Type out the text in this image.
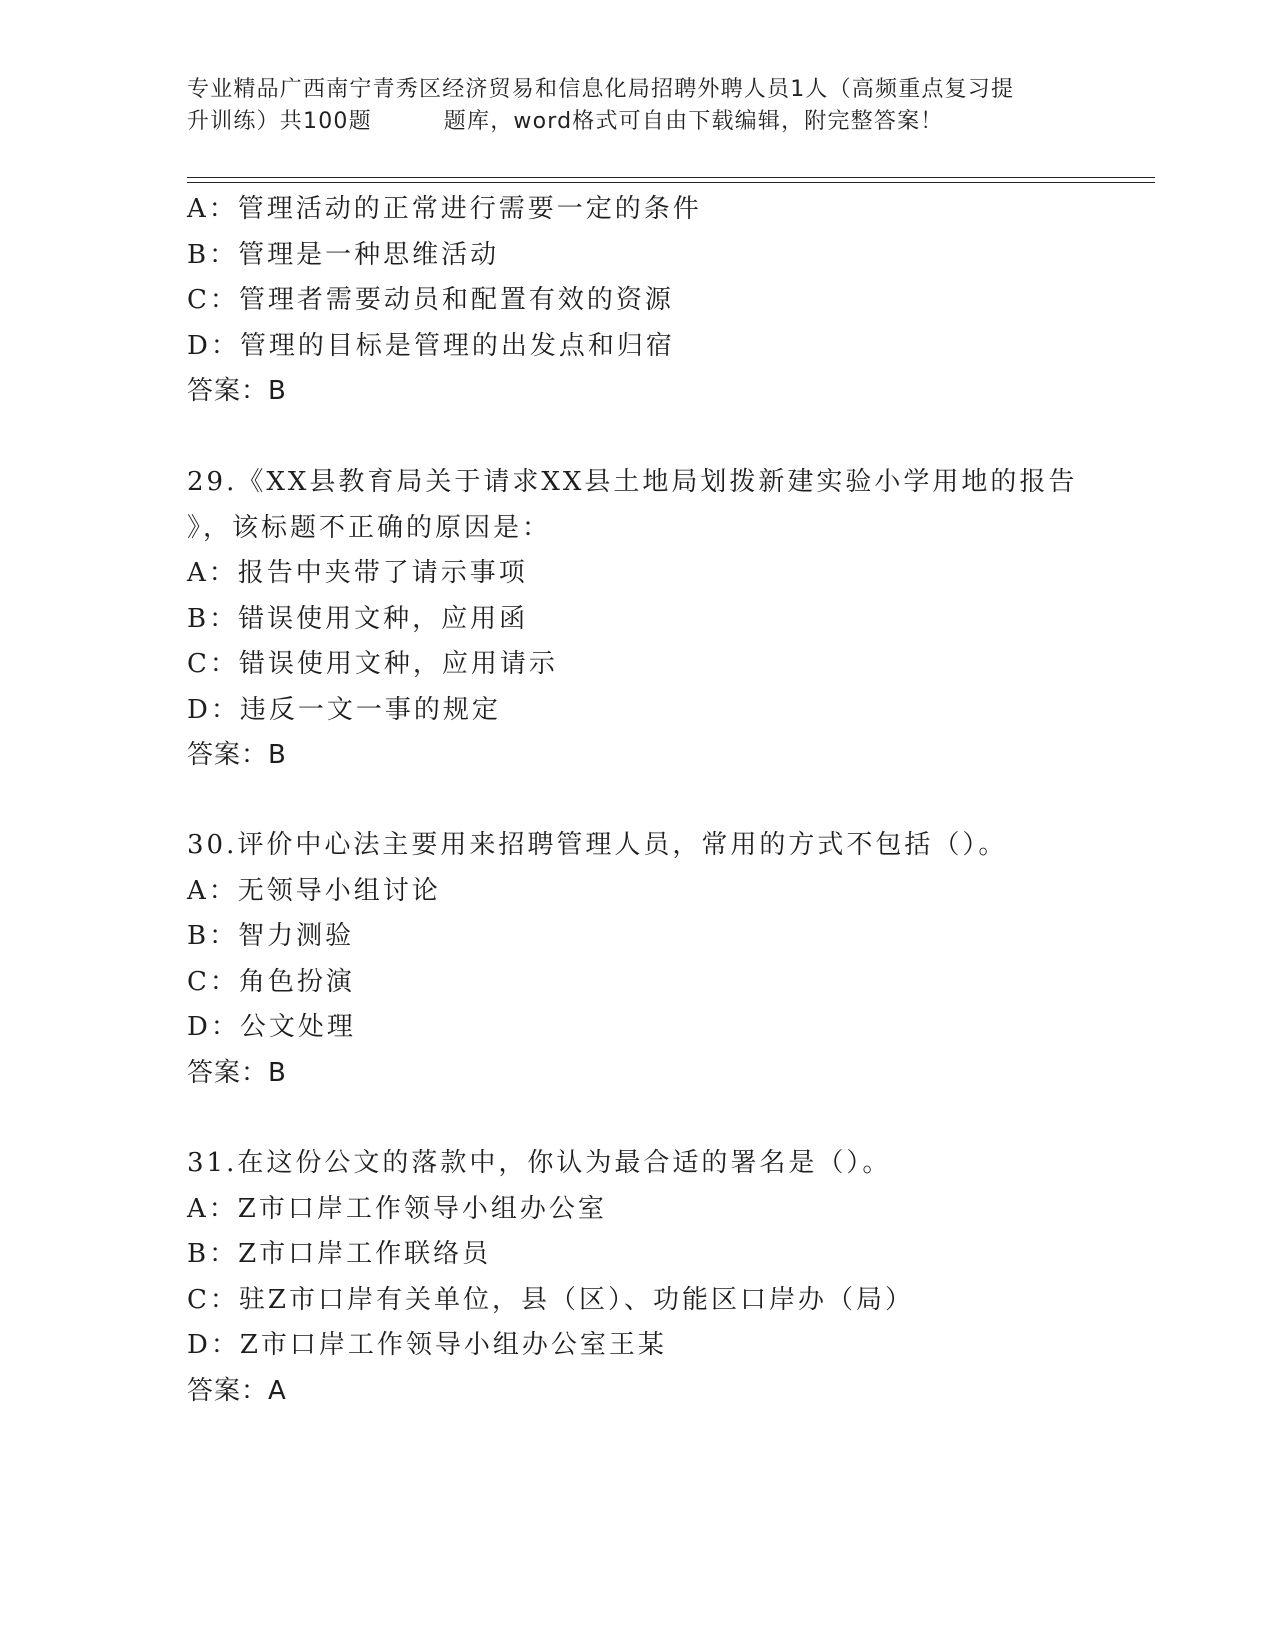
专业精品广西南宁青秀区经济贸易和信息化局招聘外聘人员1人（高频重点复习提
升训练）共100题	题库，word格式可自由下载编辑，附完整答案！
A：管理活动的正常进行需要一定的条件
B：管理是一种思维活动
C：管理者需要动员和配置有效的资源
D：管理的目标是管理的出发点和归宿
答案：B
29.《XX县教育局关于请求XX县土地局划拨新建实验小学用地的报告
》，该标题不正确的原因是：
A：报告中夹带了请示事项
B：错误使用文种，应用函
C：错误使用文种，应用请示
D：违反一文一事的规定
答案：B
30.评价中心法主要用来招聘管理人员，常用的方式不包括（）。
A：无领导小组讨论
B：智力测验
C：角色扮演
D：公文处理
答案：B
31.在这份公文的落款中，你认为最合适的署名是（）。
A：Z市口岸工作领导小组办公室
B：Z市口岸工作联络员
C：驻Z市口岸有关单位，县（区）、功能区口岸办（局）
D：Z市口岸工作领导小组办公室王某
答案：A
